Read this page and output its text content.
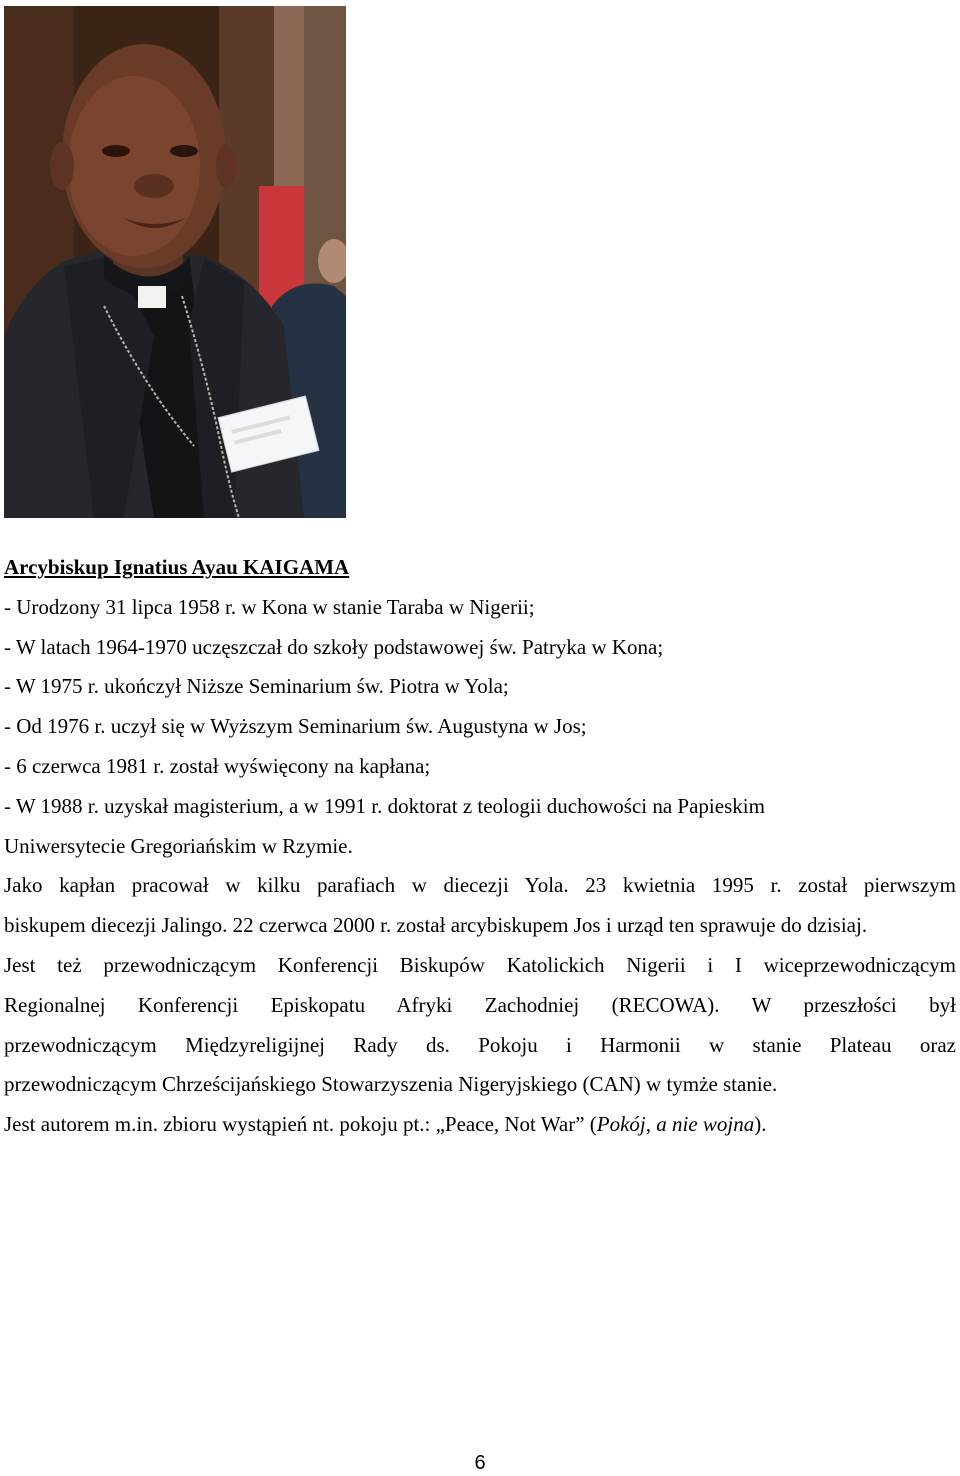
Arcybiskup Ignatius Ayau KAIGAMA
- Urodzony 31 lipca 1958 r. w Kona w stanie Taraba w Nigerii;
- W latach 1964-1970 uczęszczał do szkoły podstawowej św. Patryka w Kona;
- W 1975 r. ukończył Niższe Seminarium św. Piotra w Yola;
- Od 1976 r. uczył się w Wyższym Seminarium św. Augustyna w Jos;
- 6 czerwca 1981 r. został wyświęcony na kapłana;
- W 1988 r. uzyskał magisterium, a w 1991 r. doktorat z teologii duchowości na Papieskim
Uniwersytecie Gregoriańskim w Rzymie.
Jako kapłan pracował w kilku parafiach w diecezji Yola. 23 kwietnia 1995 r. został pierwszym
biskupem diecezji Jalingo. 22 czerwca 2000 r. został arcybiskupem Jos i urząd ten sprawuje do dzisiaj.
Jest też przewodniczącym Konferencji Biskupów Katolickich Nigerii i I wiceprzewodniczącym
Regionalnej Konferencji Episkopatu Afryki Zachodniej (RECOWA). W przeszłości był
przewodniczącym Międzyreligijnej Rady ds. Pokoju i Harmonii w stanie Plateau oraz
przewodniczącym Chrześcijańskiego Stowarzyszenia Nigeryjskiego (CAN) w tymże stanie.
Jest autorem m.in. zbioru wystąpień nt. pokoju pt.: „Peace, Not War” (Pokój, a nie wojna).
6
